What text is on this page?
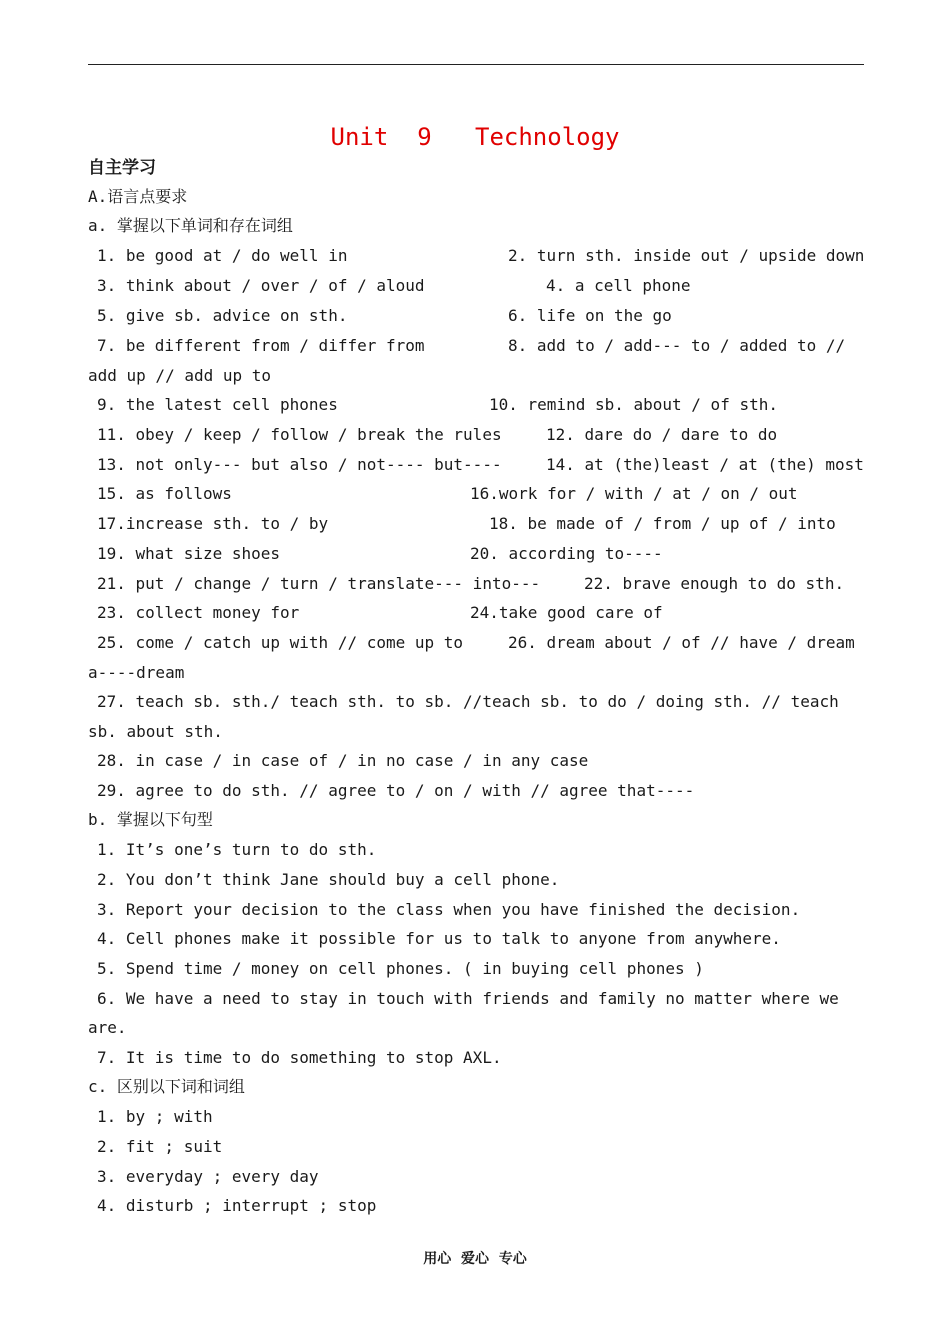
Unit  9   Technology
自主学习
A.语言点要求
a. 掌握以下单词和存在词组
1. be good at / do well in	2. turn sth. inside out / upside down
3. think about / over / of / aloud	4. a cell phone
5. give sb. advice on sth.	6. life on the go
7. be different from / differ from	8. add to / add--- to / added to //
add up // add up to
9. the latest cell phones	10. remind sb. about / of sth.
11. obey / keep / follow / break the rules	12. dare do / dare to do
13. not only--- but also / not---- but----	14. at (the)least / at (the) most
15. as follows	16.work for / with / at / on / out
17.increase sth. to / by	18. be made of / from / up of / into
19. what size shoes	20. according to----
21. put / change / turn / translate--- into---	22. brave enough to do sth.
23. collect money for	24.take good care of
25. come / catch up with // come up to	26. dream about / of // have / dream
a----dream
27. teach sb. sth./ teach sth. to sb. //teach sb. to do / doing sth. // teach
sb. about sth.
28. in case / in case of / in no case / in any case
29. agree to do sth. // agree to / on / with // agree that----
b. 掌握以下句型
1. It’s one’s turn to do sth.
2. You don’t think Jane should buy a cell phone.
3. Report your decision to the class when you have finished the decision.
4. Cell phones make it possible for us to talk to anyone from anywhere.
5. Spend time / money on cell phones. ( in buying cell phones )
6. We have a need to stay in touch with friends and family no matter where we
are.
7. It is time to do something to stop AXL.
c. 区别以下词和词组
1. by ; with
2. fit ; suit
3. everyday ; every day
4. disturb ; interrupt ; stop
用心  爱心  专心
